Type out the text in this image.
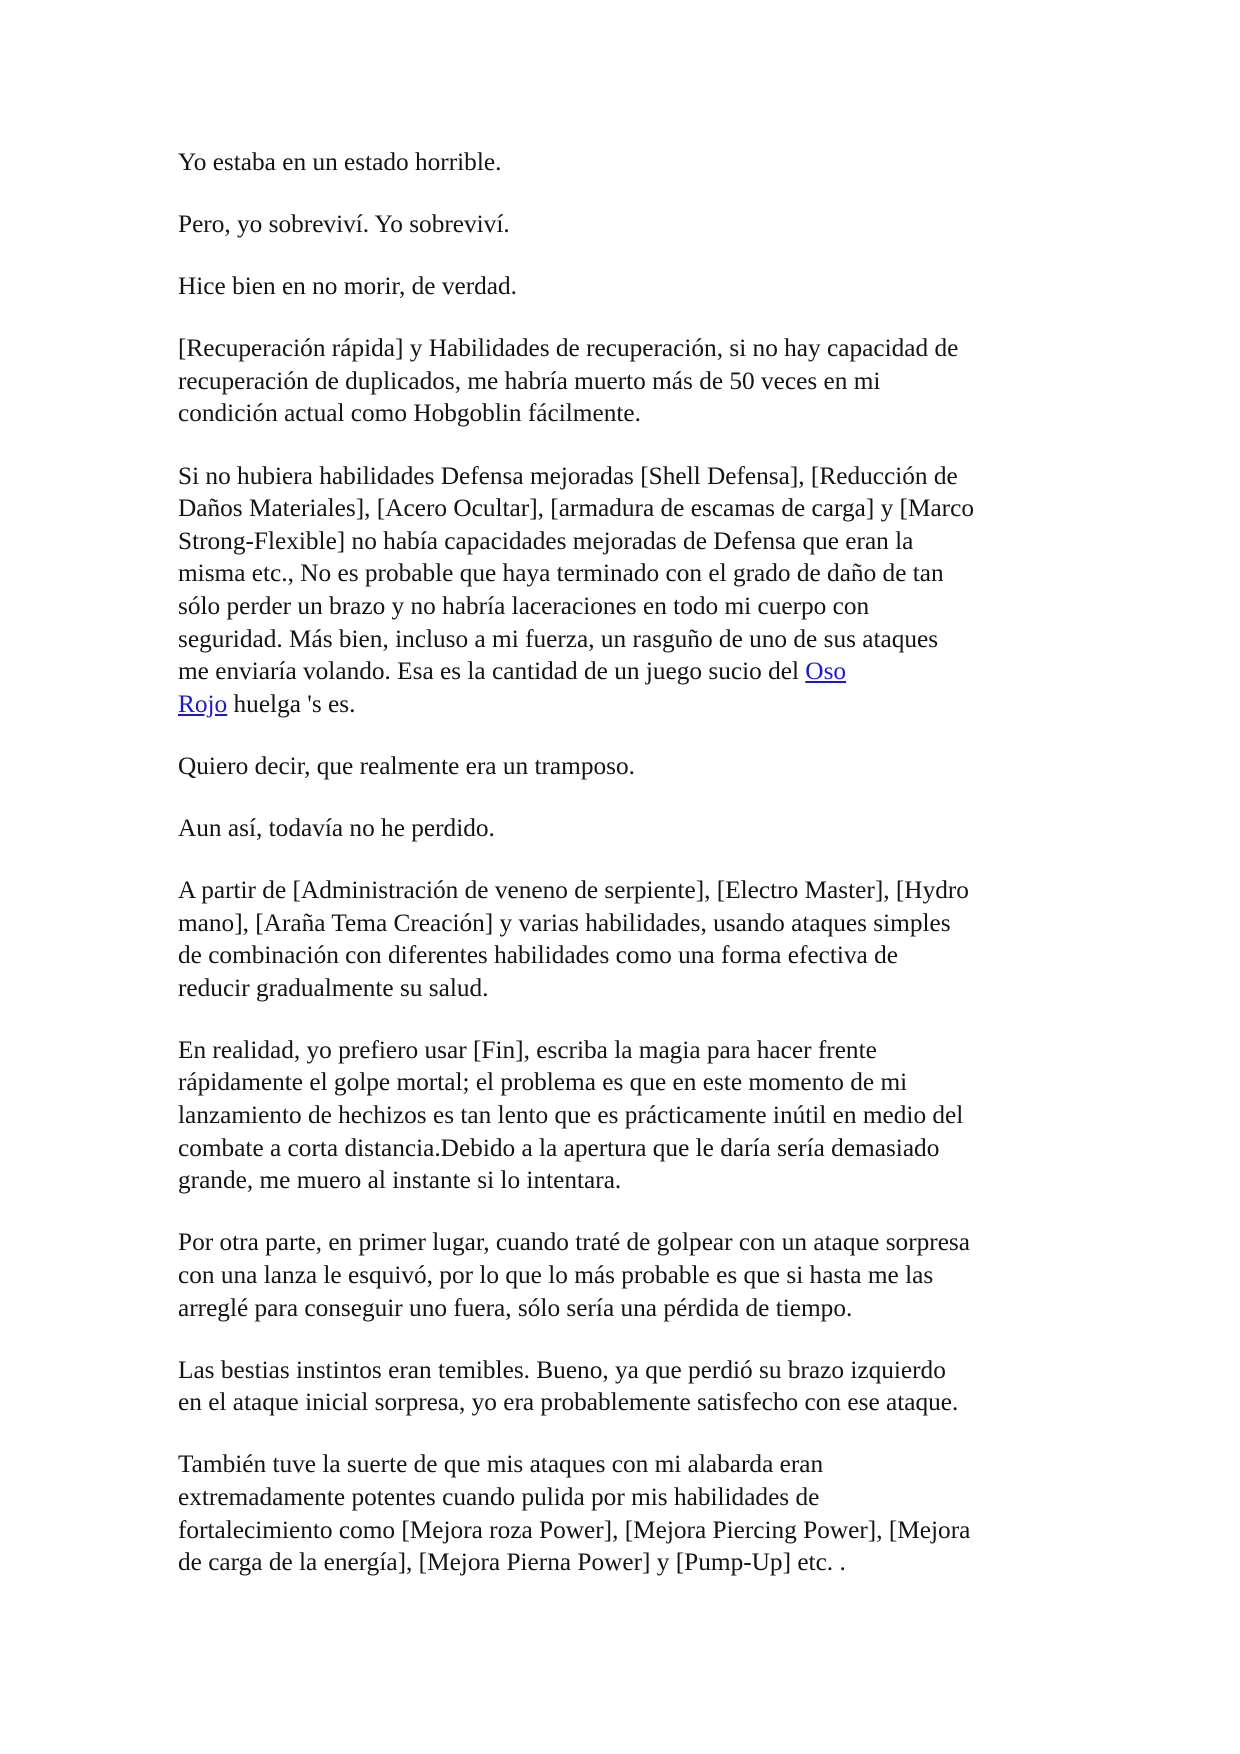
Yo estaba en un estado horrible.

Pero, yo sobreviví. Yo sobreviví.

Hice bien en no morir, de verdad.

[Recuperación rápida] y Habilidades de recuperación, si no hay capacidad de
recuperación de duplicados, me habría muerto más de 50 veces en mi
condición actual como Hobgoblin fácilmente.

Si no hubiera habilidades Defensa mejoradas [Shell Defensa], [Reducción de
Daños Materiales], [Acero Ocultar], [armadura de escamas de carga] y [Marco
Strong-Flexible] no había capacidades mejoradas de Defensa que eran la
misma etc., No es probable que haya terminado con el grado de daño de tan
sólo perder un brazo y no habría laceraciones en todo mi cuerpo con
seguridad. Más bien, incluso a mi fuerza, un rasguño de uno de sus ataques
me enviaría volando. Esa es la cantidad de un juego sucio del Oso
Rojo huelga 's es.

Quiero decir, que realmente era un tramposo.

Aun así, todavía no he perdido.

A partir de [Administración de veneno de serpiente], [Electro Master], [Hydro
mano], [Araña Tema Creación] y varias habilidades, usando ataques simples
de combinación con diferentes habilidades como una forma efectiva de
reducir gradualmente su salud.

En realidad, yo prefiero usar [Fin], escriba la magia para hacer frente
rápidamente el golpe mortal; el problema es que en este momento de mi
lanzamiento de hechizos es tan lento que es prácticamente inútil en medio del
combate a corta distancia.Debido a la apertura que le daría sería demasiado
grande, me muero al instante si lo intentara.

Por otra parte, en primer lugar, cuando traté de golpear con un ataque sorpresa
con una lanza le esquivó, por lo que lo más probable es que si hasta me las
arreglé para conseguir uno fuera, sólo sería una pérdida de tiempo.

Las bestias instintos eran temibles. Bueno, ya que perdió su brazo izquierdo
en el ataque inicial sorpresa, yo era probablemente satisfecho con ese ataque.

También tuve la suerte de que mis ataques con mi alabarda eran
extremadamente potentes cuando pulida por mis habilidades de
fortalecimiento como [Mejora roza Power], [Mejora Piercing Power], [Mejora
de carga de la energía], [Mejora Pierna Power] y [Pump-Up] etc. .
